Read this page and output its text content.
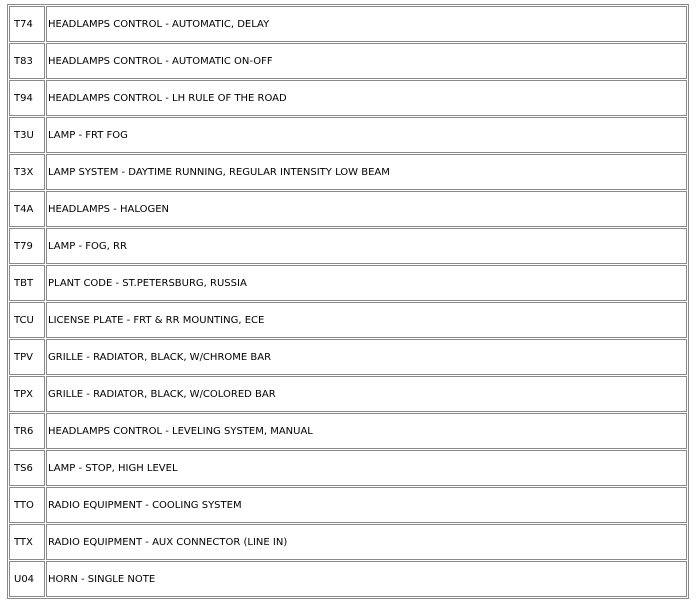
T74	HEADLAMPS CONTROL - AUTOMATIC, DELAY
T83	HEADLAMPS CONTROL - AUTOMATIC ON-OFF
T94	HEADLAMPS CONTROL - LH RULE OF THE ROAD
T3U	LAMP - FRT FOG
T3X	LAMP SYSTEM - DAYTIME RUNNING, REGULAR INTENSITY LOW BEAM
T4A	HEADLAMPS - HALOGEN
T79	LAMP - FOG, RR
TBT	PLANT CODE - ST.PETERSBURG, RUSSIA
TCU	LICENSE PLATE - FRT & RR MOUNTING, ECE
TPV	GRILLE - RADIATOR, BLACK, W/CHROME BAR
TPX	GRILLE - RADIATOR, BLACK, W/COLORED BAR
TR6	HEADLAMPS CONTROL - LEVELING SYSTEM, MANUAL
TS6	LAMP - STOP, HIGH LEVEL
TTO	RADIO EQUIPMENT - COOLING SYSTEM
TTX	RADIO EQUIPMENT - AUX CONNECTOR (LINE IN)
U04	HORN - SINGLE NOTE
